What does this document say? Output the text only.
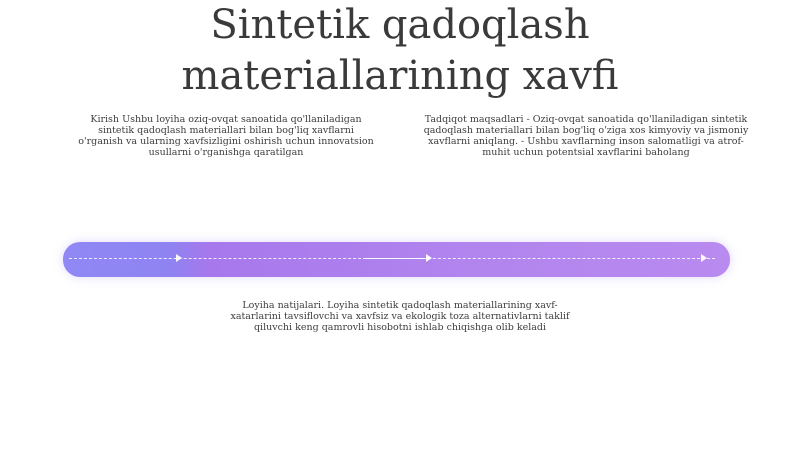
Sintetik qadoqlash materiallarining xavfi
Kirish Ushbu loyiha oziq-ovqat sanoatida qo'llaniladigan sintetik qadoqlash materiallari bilan bog'liq xavflarni o'rganish va ularning xavfsizligini oshirish uchun innovatsion usullarni o'rganishga qaratilgan
Tadqiqot maqsadlari - Oziq-ovqat sanoatida qo'llaniladigan sintetik qadoqlash materiallari bilan bog'liq o'ziga xos kimyoviy va jismoniy xavflarni aniqlang. - Ushbu xavflarning inson salomatligi va atrof-muhit uchun potentsial xavflarini baholang
Loyiha natijalari. Loyiha sintetik qadoqlash materiallarining xavf-xatarlarini tavsiflovchi va xavfsiz va ekologik toza alternativlarni taklif qiluvchi keng qamrovli hisobotni ishlab chiqishga olib keladi
